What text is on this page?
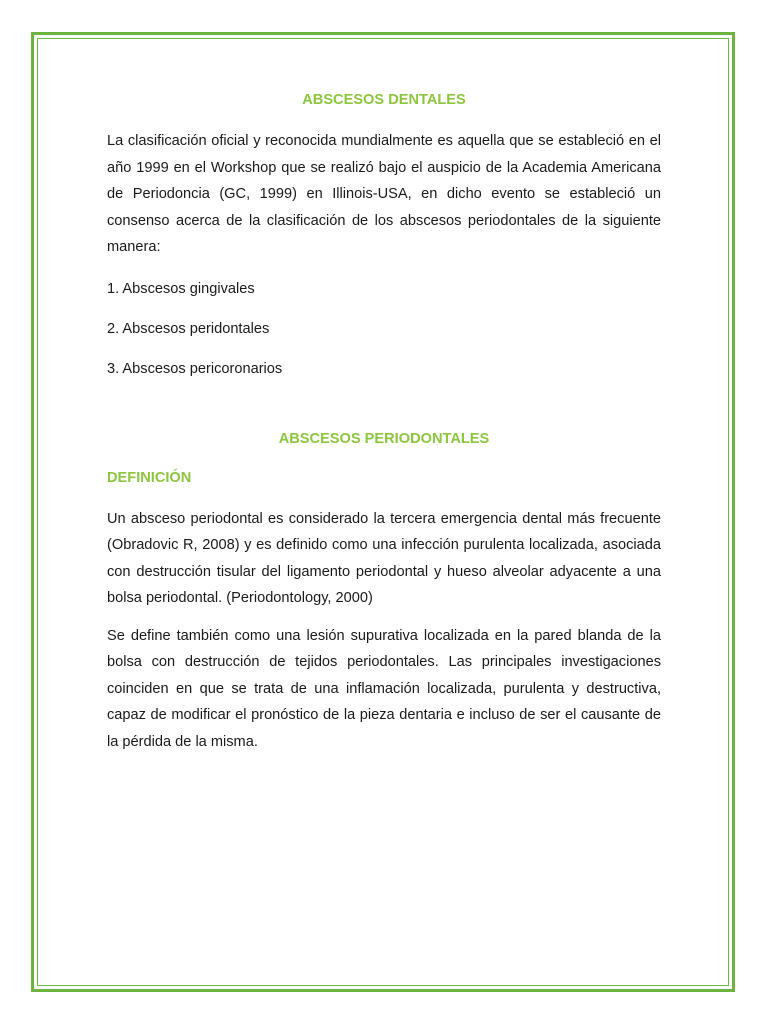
ABSCESOS DENTALES

La clasificación oficial y reconocida mundialmente es aquella que se estableció en el año 1999 en el Workshop que se realizó bajo el auspicio de la Academia Americana de Periodoncia (GC, 1999) en Illinois-USA, en dicho evento se estableció un consenso acerca de la clasificación de los abscesos periodontales de la siguiente manera:

1. Abscesos gingivales

2. Abscesos peridontales

3. Abscesos pericoronarios

ABSCESOS PERIODONTALES
DEFINICIÓN

Un absceso periodontal es considerado la tercera emergencia dental más frecuente (Obradovic R, 2008) y es definido como una infección purulenta localizada, asociada con destrucción tisular del ligamento periodontal y hueso alveolar adyacente a una bolsa periodontal. (Periodontology, 2000)

Se define también como una lesión supurativa localizada en la pared blanda de la bolsa con destrucción de tejidos periodontales. Las principales investigaciones coinciden en que se trata de una inflamación localizada, purulenta y destructiva, capaz de modificar el pronóstico de la pieza dentaria e incluso de ser el causante de la pérdida de la misma.
